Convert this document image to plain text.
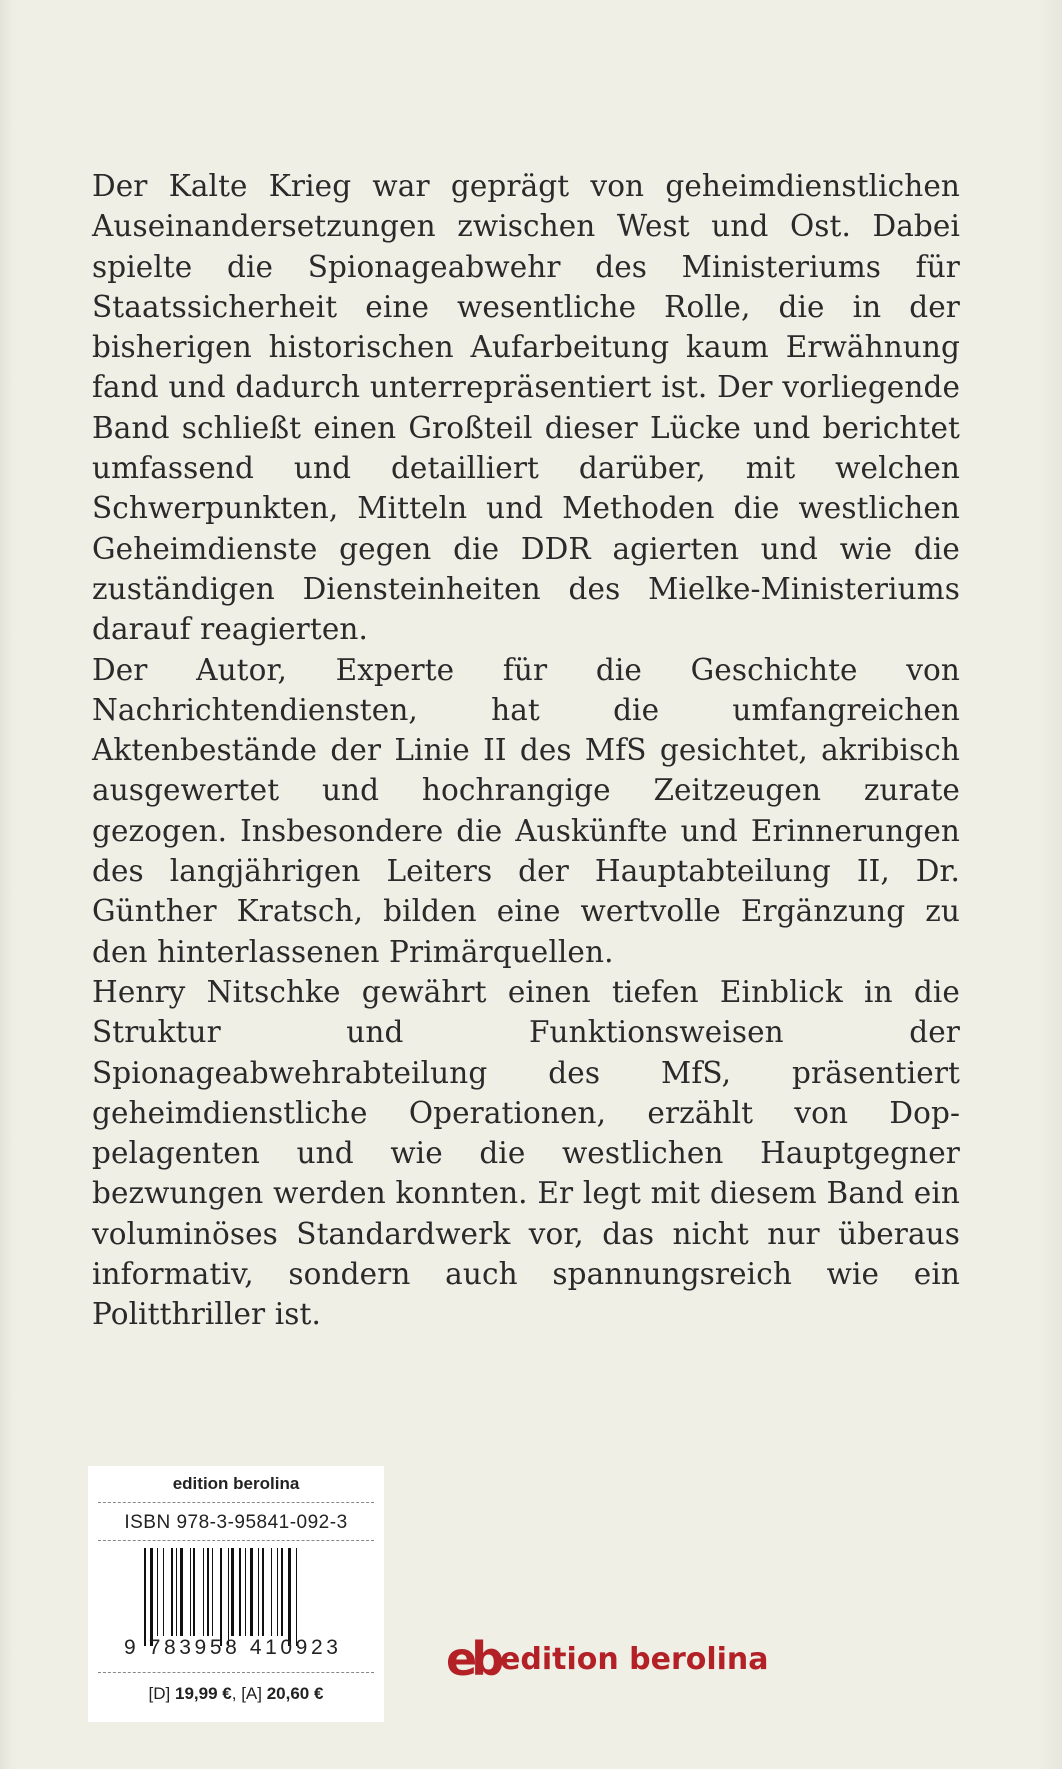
Der Kalte Krieg war geprägt von geheimdienstlichen Auseinandersetzungen zwischen West und Ost. Dabei spielte die Spionageabwehr des Ministeriums für Staatssicherheit eine wesentliche Rolle, die in der bisherigen historischen Aufarbeitung kaum Erwähnung fand und dadurch unterrepräsentiert ist. Der vorliegende Band schließt einen Großteil dieser Lücke und berichtet umfassend und detailliert darüber, mit welchen Schwerpunkten, Mitteln und Methoden die westlichen Geheimdienste gegen die DDR agierten und wie die zuständigen Diensteinheiten des Mielke-Ministeriums darauf reagierten.

Der Autor, Experte für die Geschichte von Nachrichtendiensten, hat die umfangreichen Aktenbestände der Linie II des MfS gesichtet, akribisch ausgewertet und hochrangige Zeitzeugen zurate gezogen. Insbesondere die Auskünfte und Erinnerungen des langjährigen Leiters der Hauptabteilung II, Dr. Günther Kratsch, bilden eine wertvolle Ergänzung zu den hinterlassenen Primärquellen.

Henry Nitschke gewährt einen tiefen Einblick in die Struktur und Funktionsweisen der Spionageabwehrabteilung des MfS, präsentiert geheimdienstliche Operationen, erzählt von Doppelagenten und wie die westlichen Hauptgegner bezwungen werden konnten. Er legt mit diesem Band ein voluminöses Standardwerk vor, das nicht nur überaus informativ, sondern auch spannungsreich wie ein Politthriller ist.

edition berolina
ISBN 978-3-95841-092-3
9 783958 410923
[D] 19,99 €, [A] 20,60 €
eb edition berolina
